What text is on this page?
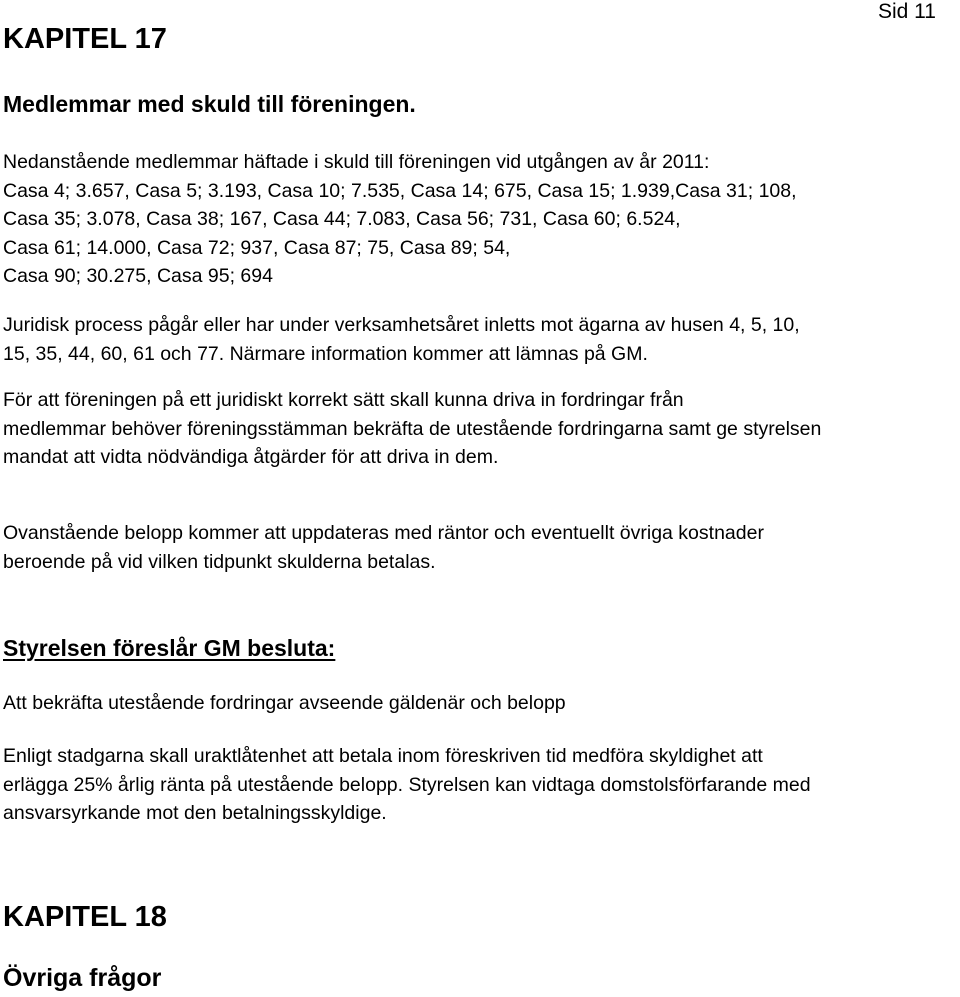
Sid 11
KAPITEL 17
Medlemmar med skuld till föreningen.
Nedanstående medlemmar häftade i skuld till föreningen vid utgången av år 2011:
Casa 4; 3.657, Casa 5; 3.193, Casa 10; 7.535, Casa 14; 675, Casa 15; 1.939,Casa 31; 108,
Casa 35; 3.078, Casa 38; 167, Casa 44; 7.083, Casa 56; 731, Casa 60; 6.524,
Casa 61; 14.000, Casa 72; 937, Casa 87; 75, Casa 89; 54,
Casa 90; 30.275, Casa 95; 694
Juridisk process pågår eller har under verksamhetsåret inletts mot ägarna av husen 4, 5, 10,
15, 35, 44, 60, 61 och 77. Närmare information kommer att lämnas på GM.
För att föreningen på ett juridiskt korrekt sätt skall kunna driva in fordringar från
medlemmar behöver föreningsstämman bekräfta de utestående fordringarna samt ge styrelsen
mandat att vidta nödvändiga åtgärder för att driva in dem.
Ovanstående belopp kommer att uppdateras med räntor och eventuellt övriga kostnader
beroende på vid vilken tidpunkt skulderna betalas.
Styrelsen föreslår GM besluta:
Att bekräfta utestående fordringar avseende gäldenär och belopp
Enligt stadgarna skall uraktlåtenhet att betala inom föreskriven tid medföra skyldighet att
erlägga 25% årlig ränta på utestående belopp. Styrelsen kan vidtaga domstolsförfarande med
ansvarsyrkande mot den betalningsskyldige.
KAPITEL 18
Övriga frågor
